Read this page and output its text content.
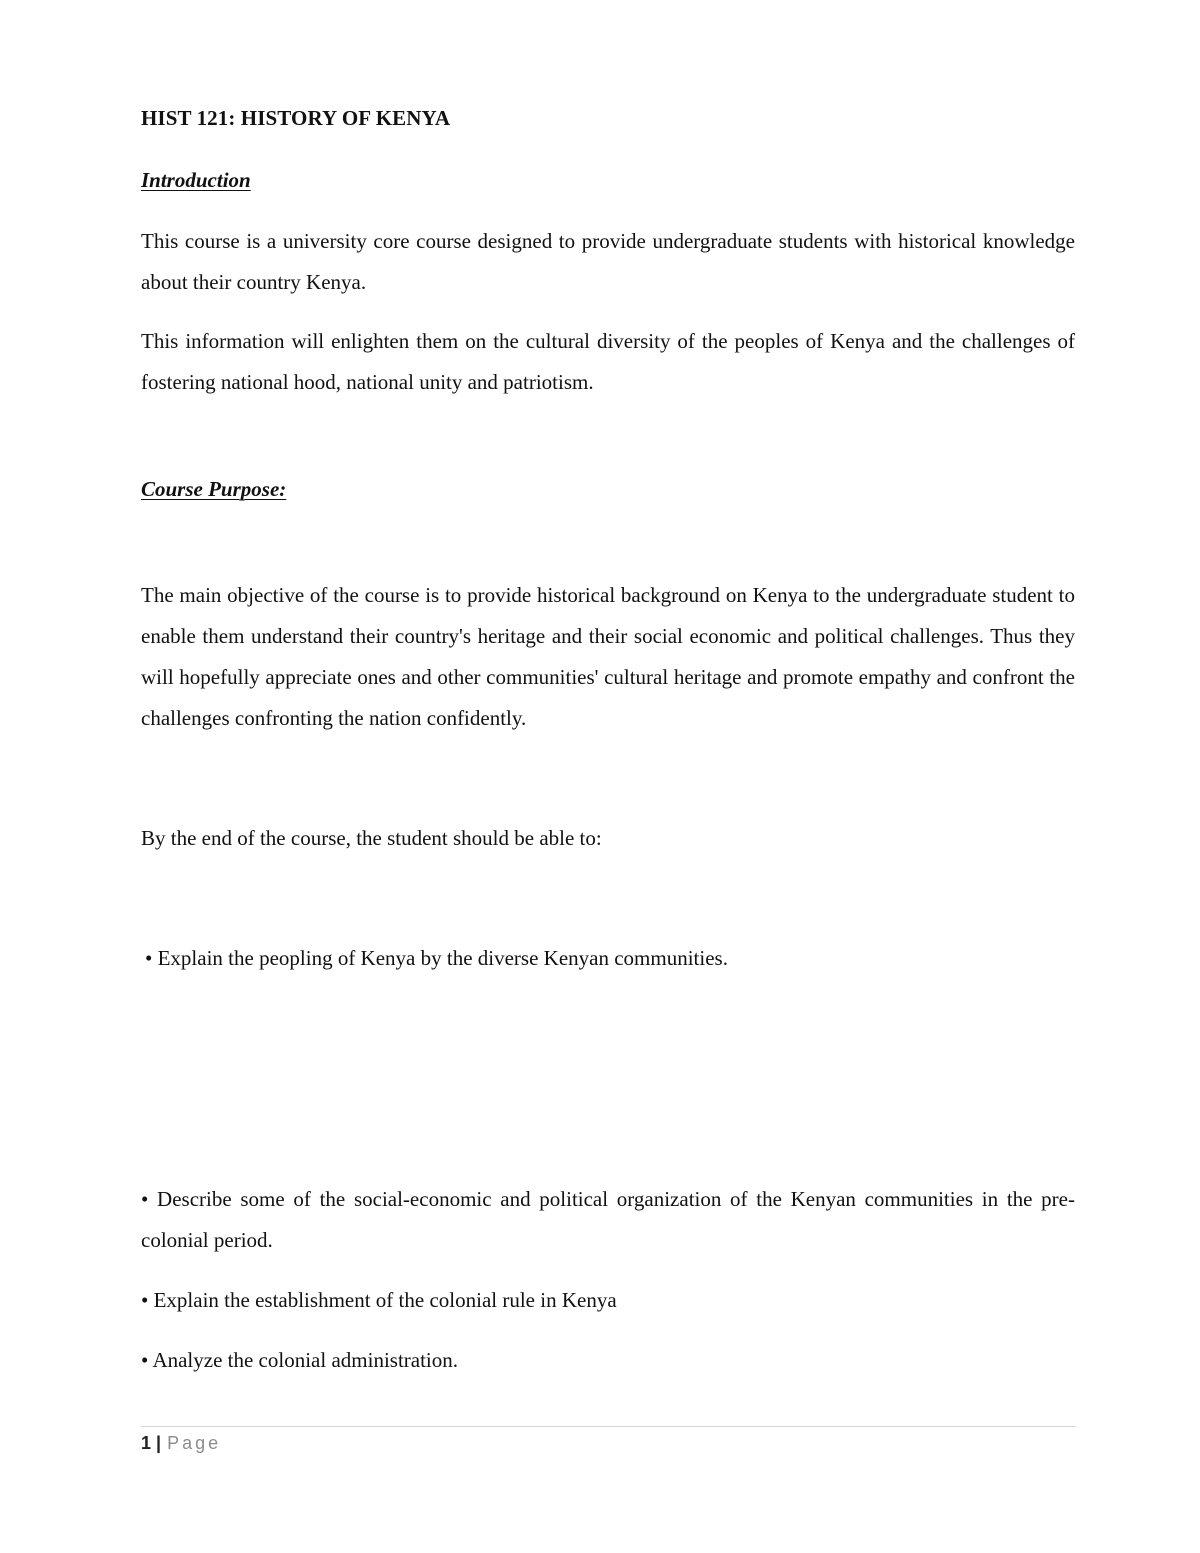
HIST 121: HISTORY OF KENYA
Introduction

This course is a university core course designed to provide undergraduate students with historical knowledge about their country Kenya.

This information will enlighten them on the cultural diversity of the peoples of Kenya and the challenges of fostering national hood, national unity and patriotism.

Course Purpose:

The main objective of the course is to provide historical background on Kenya to the undergraduate student to enable them understand their country's heritage and their social economic and political challenges. Thus they will hopefully appreciate ones and other communities' cultural heritage and promote empathy and confront the challenges confronting the nation confidently.

By the end of the course, the student should be able to:

• Explain the peopling of Kenya by the diverse Kenyan communities.

• Describe some of the social-economic and political organization of the Kenyan communities in the pre-colonial period.

• Explain the establishment of the colonial rule in Kenya

• Analyze the colonial administration.

1 | Page
